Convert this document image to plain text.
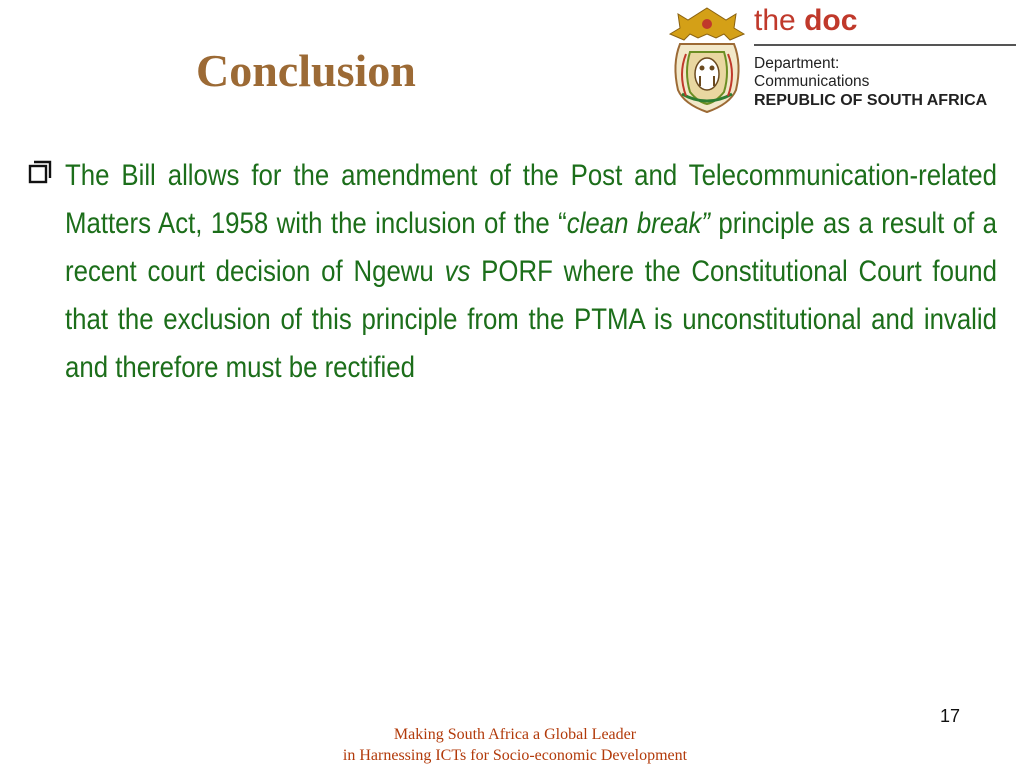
Conclusion
the doc
Department:
Communications
REPUBLIC OF SOUTH AFRICA

The Bill allows for the amendment of the Post and Telecommunication-related Matters Act, 1958 with the inclusion of the “clean break” principle as a result of a recent court decision of Ngewu vs PORF where the Constitutional Court found that the exclusion of this principle from the PTMA is unconstitutional and invalid and therefore must be rectified

17
Making South Africa a Global Leader
in Harnessing ICTs for Socio-economic Development
